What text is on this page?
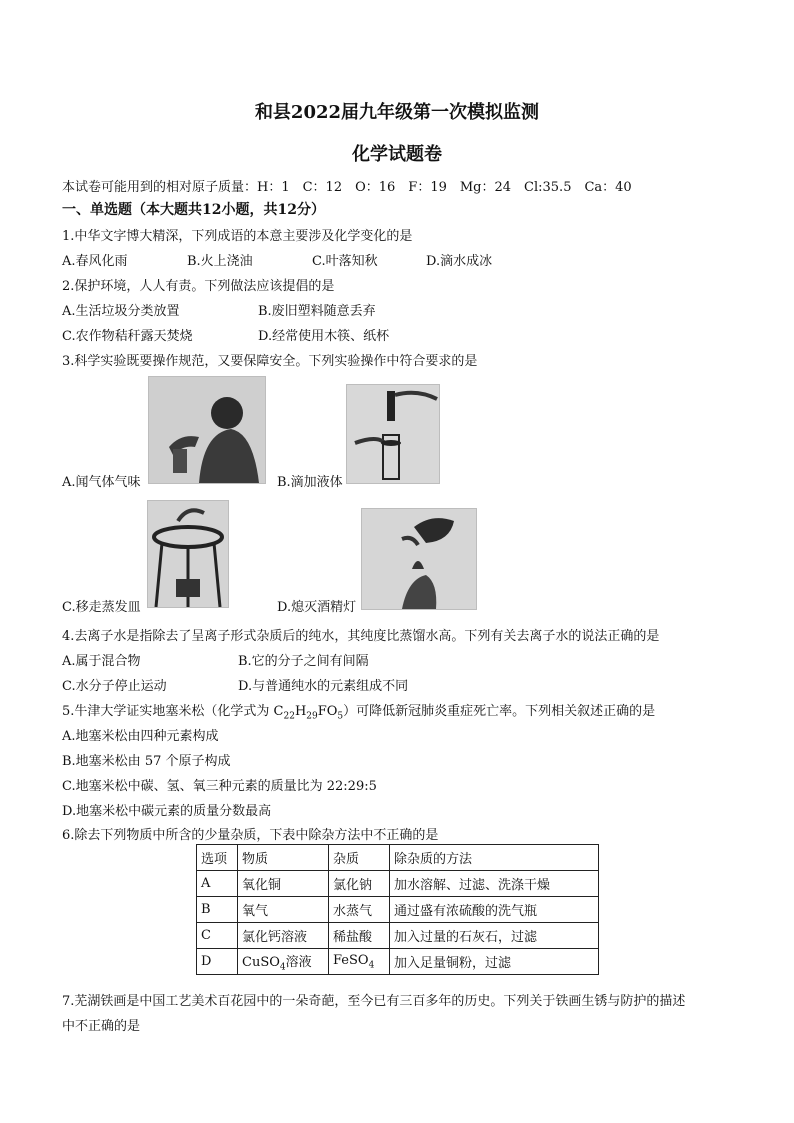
和县2022届九年级第一次模拟监测
化学试题卷
本试卷可能用到的相对原子质量：H：1　C：12　O：16　F：19　Mg：24　Cl:35.5　Ca：40
一、单选题（本大题共12小题，共12分）
1.中华文字博大精深，下列成语的本意主要涉及化学变化的是
A.春风化雨	B.火上浇油	C.叶落知秋	D.滴水成冰
2.保护环境，人人有责。下列做法应该提倡的是
A.生活垃圾分类放置	B.废旧塑料随意丢弃
C.农作物秸秆露天焚烧	D.经常使用木筷、纸杯
3.科学实验既要操作规范，又要保障安全。下列实验操作中符合要求的是
A.闻气体气味	B.滴加液体
C.移走蒸发皿	D.熄灭酒精灯
4.去离子水是指除去了呈离子形式杂质后的纯水，其纯度比蒸馏水高。下列有关去离子水的说法正确的是
A.属于混合物	B.它的分子之间有间隔
C.水分子停止运动	D.与普通纯水的元素组成不同
5.牛津大学证实地塞米松（化学式为 $C_{22}H_{29}FO_5$）可降低新冠肺炎重症死亡率。下列相关叙述正确的是
A.地塞米松由四种元素构成
B.地塞米松由 57 个原子构成
C.地塞米松中碳、氢、氧三种元素的质量比为 22:29:5
D.地塞米松中碳元素的质量分数最高
6.除去下列物质中所含的少量杂质，下表中除杂方法中不正确的是
选项	物质	杂质	除杂质的方法
A	氧化铜	氯化钠	加水溶解、过滤、洗涤干燥
B	氧气	水蒸气	通过盛有浓硫酸的洗气瓶
C	氯化钙溶液	稀盐酸	加入过量的石灰石，过滤
D	CuSO$_4$溶液	FeSO$_4$	加入足量铜粉，过滤
7.芜湖铁画是中国工艺美术百花园中的一朵奇葩，至今已有三百多年的历史。下列关于铁画生锈与防护的描述
中不正确的是
